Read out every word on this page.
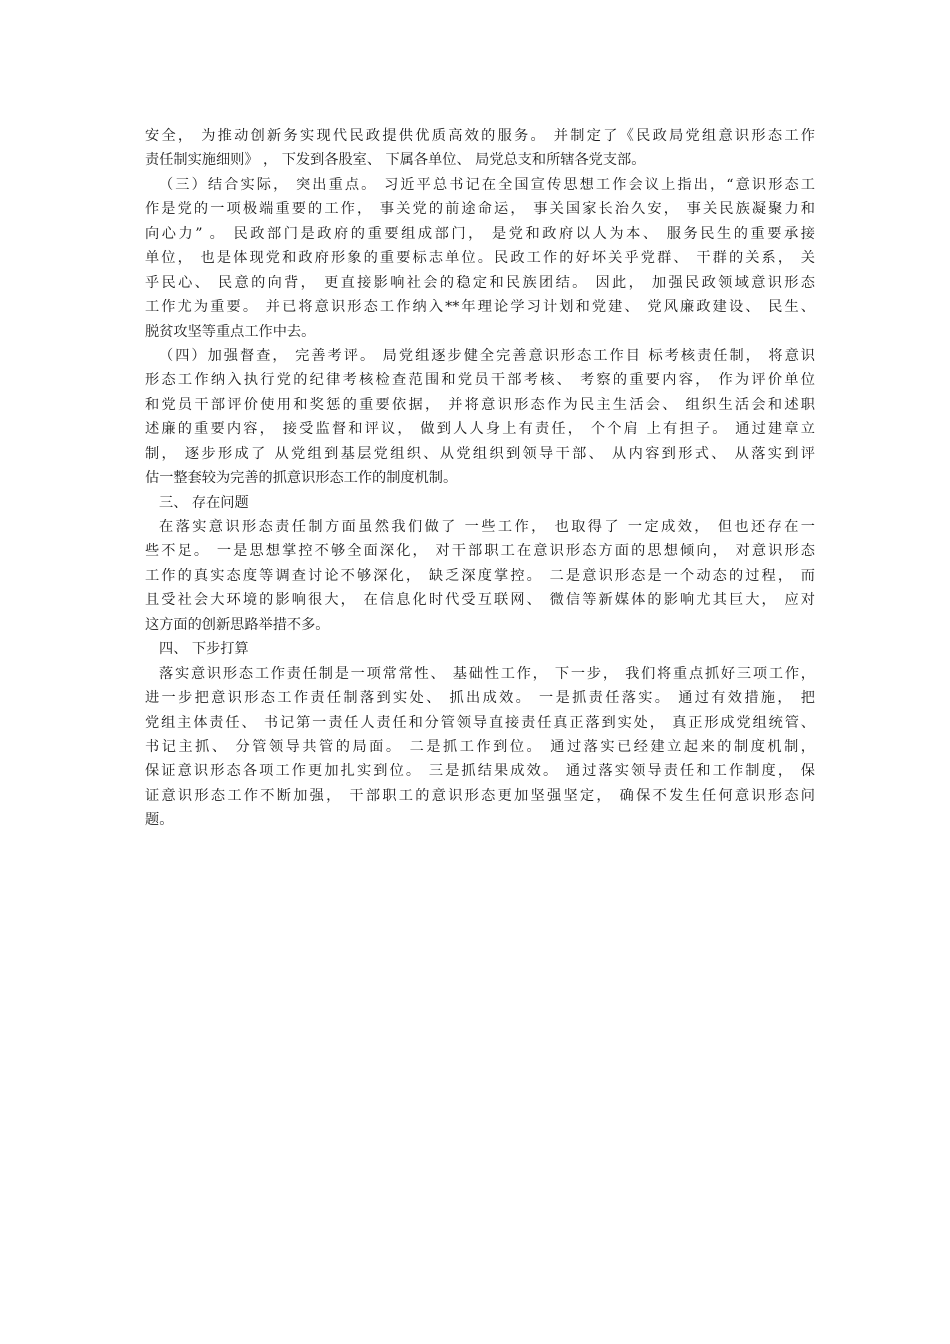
安全， 为推动创新务实现代民政提供优质高效的服务。 并制定了《民政局党组意识形态工作
责任制实施细则》 ， 下发到各股室、 下属各单位、 局党总支和所辖各党支部。
（三）结合实际， 突出重点。 习近平总书记在全国宣传思想工作会议上指出，“意识形态工
作是党的一项极端重要的工作， 事关党的前途命运， 事关国家长治久安， 事关民族凝聚力和
向心力” 。 民政部门是政府的重要组成部门， 是党和政府以人为本、 服务民生的重要承接
单位， 也是体现党和政府形象的重要标志单位。民政工作的好坏关乎党群、 干群的关系， 关
乎民心、 民意的向背， 更直接影响社会的稳定和民族团结。 因此， 加强民政领域意识形态
工作尤为重要。 并已将意识形态工作纳入**年理论学习计划和党建、 党风廉政建设、 民生、
脱贫攻坚等重点工作中去。
（四）加强督查， 完善考评。 局党组逐步健全完善意识形态工作目 标考核责任制， 将意识
形态工作纳入执行党的纪律考核检查范围和党员干部考核、 考察的重要内容， 作为评价单位
和党员干部评价使用和奖惩的重要依据， 并将意识形态作为民主生活会、 组织生活会和述职
述廉的重要内容， 接受监督和评议， 做到人人身上有责任， 个个肩 上有担子。 通过建章立
制， 逐步形成了 从党组到基层党组织、从党组织到领导干部、 从内容到形式、 从落实到评
估一整套较为完善的抓意识形态工作的制度机制。
三、 存在问题
在落实意识形态责任制方面虽然我们做了 一些工作， 也取得了 一定成效， 但也还存在一
些不足。 一是思想掌控不够全面深化， 对干部职工在意识形态方面的思想倾向， 对意识形态
工作的真实态度等调查讨论不够深化， 缺乏深度掌控。 二是意识形态是一个动态的过程， 而
且受社会大环境的影响很大， 在信息化时代受互联网、 微信等新媒体的影响尤其巨大， 应对
这方面的创新思路举措不多。
四、 下步打算
落实意识形态工作责任制是一项常常性、 基础性工作， 下一步， 我们将重点抓好三项工作，
进一步把意识形态工作责任制落到实处、 抓出成效。 一是抓责任落实。 通过有效措施， 把
党组主体责任、 书记第一责任人责任和分管领导直接责任真正落到实处， 真正形成党组统管、
书记主抓、 分管领导共管的局面。 二是抓工作到位。 通过落实已经建立起来的制度机制，
保证意识形态各项工作更加扎实到位。 三是抓结果成效。 通过落实领导责任和工作制度， 保
证意识形态工作不断加强， 干部职工的意识形态更加坚强坚定， 确保不发生任何意识形态问
题。
